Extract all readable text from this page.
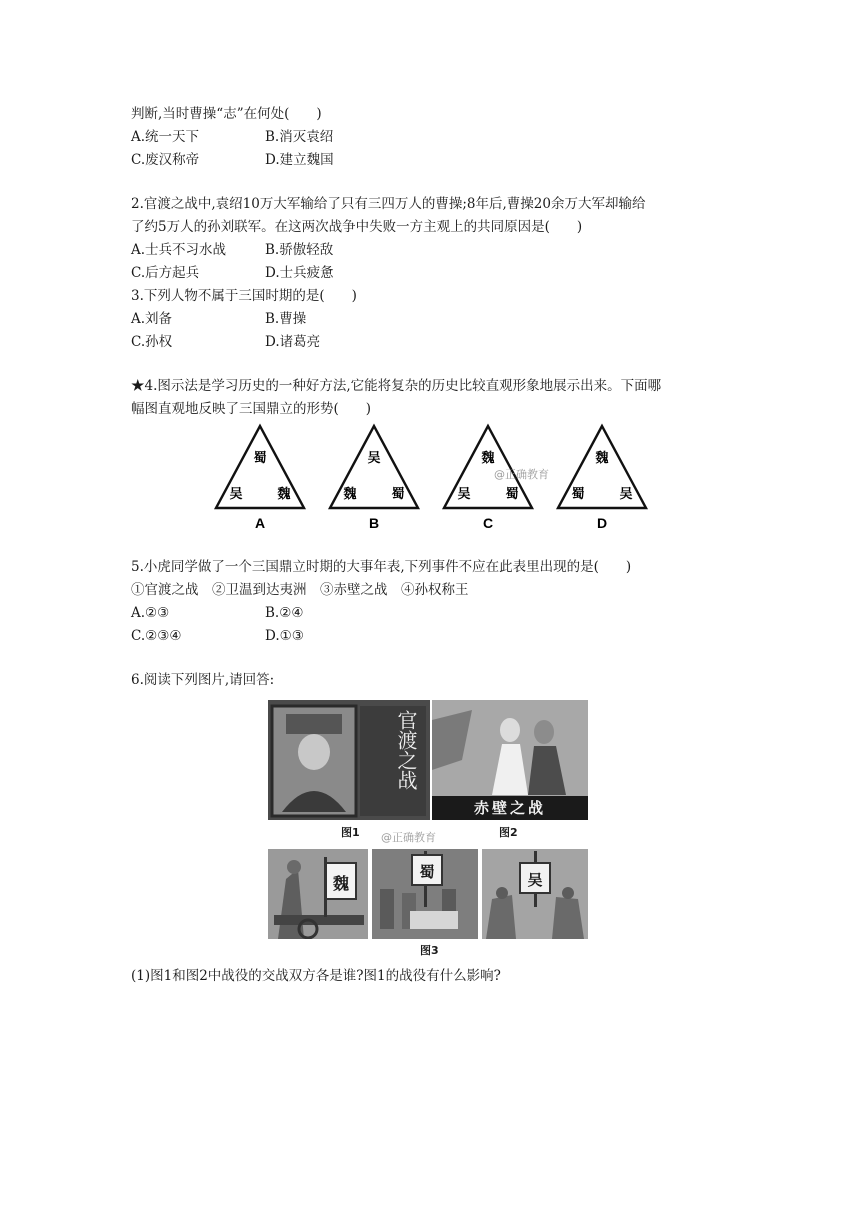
判断,当时曹操“志”在何处(　　)
A.统一天下	B.消灭袁绍
C.废汉称帝	D.建立魏国
2.官渡之战中,袁绍10万大军输给了只有三四万人的曹操;8年后,曹操20余万大军却输给
了约5万人的孙刘联军。在这两次战争中失败一方主观上的共同原因是(　　)
A.士兵不习水战	B.骄傲轻敌
C.后方起兵	D.士兵疲惫
3.下列人物不属于三国时期的是(　　)
A.刘备	B.曹操
C.孙权	D.诸葛亮
★4.图示法是学习历史的一种好方法,它能将复杂的历史比较直观形象地展示出来。下面哪
幅图直观地反映了三国鼎立的形势(　　)
蜀
吴	魏
A
吴
魏	蜀
B
魏
吴	蜀
C
魏
蜀	吴
D
@正确教育
5.小虎同学做了一个三国鼎立时期的大事年表,下列事件不应在此表里出现的是(　　)
①官渡之战　②卫温到达夷洲　③赤壁之战　④孙权称王
A.②③	B.②④
C.②③④	D.①③
6.阅读下列图片,请回答:
官渡之战
赤壁之战
图1 @正确教育	图2
魏
蜀	吴
图3
(1)图1和图2中战役的交战双方各是谁?图1的战役有什么影响?
